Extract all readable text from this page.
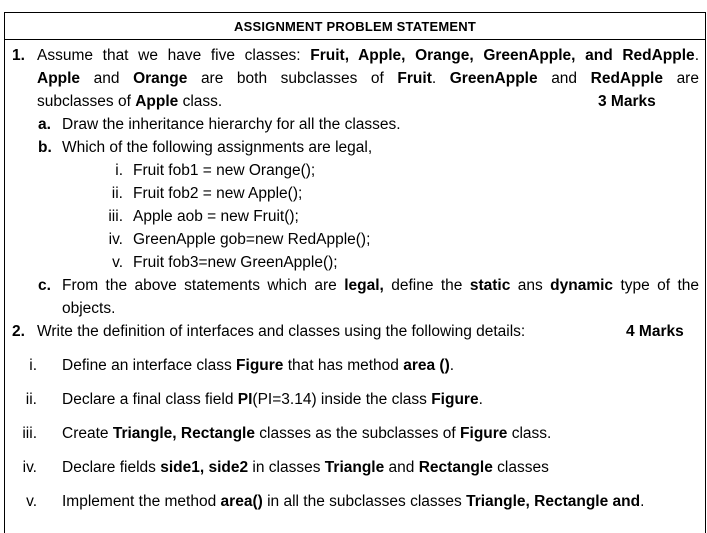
ASSIGNMENT PROBLEM STATEMENT
1. Assume that we have five classes: Fruit, Apple, Orange, GreenApple, and RedApple.
Apple and Orange are both subclasses of Fruit. GreenApple and RedApple are
subclasses of Apple class.	3 Marks
a. Draw the inheritance hierarchy for all the classes.
b. Which of the following assignments are legal,
i. Fruit fob1 = new Orange();
ii. Fruit fob2 = new Apple();
iii. Apple aob = new Fruit();
iv. GreenApple gob=new RedApple();
v. Fruit fob3=new GreenApple();
c. From the above statements which are legal, define the static ans dynamic type of the
objects.
2. Write the definition of interfaces and classes using the following details:	4 Marks
i. Define an interface class Figure that has method area ().
ii. Declare a final class field PI(PI=3.14) inside the class Figure.
iii. Create Triangle, Rectangle classes as the subclasses of Figure class.
iv. Declare fields side1, side2 in classes Triangle and Rectangle classes
v. Implement the method area() in all the subclasses classes Triangle, Rectangle and.
